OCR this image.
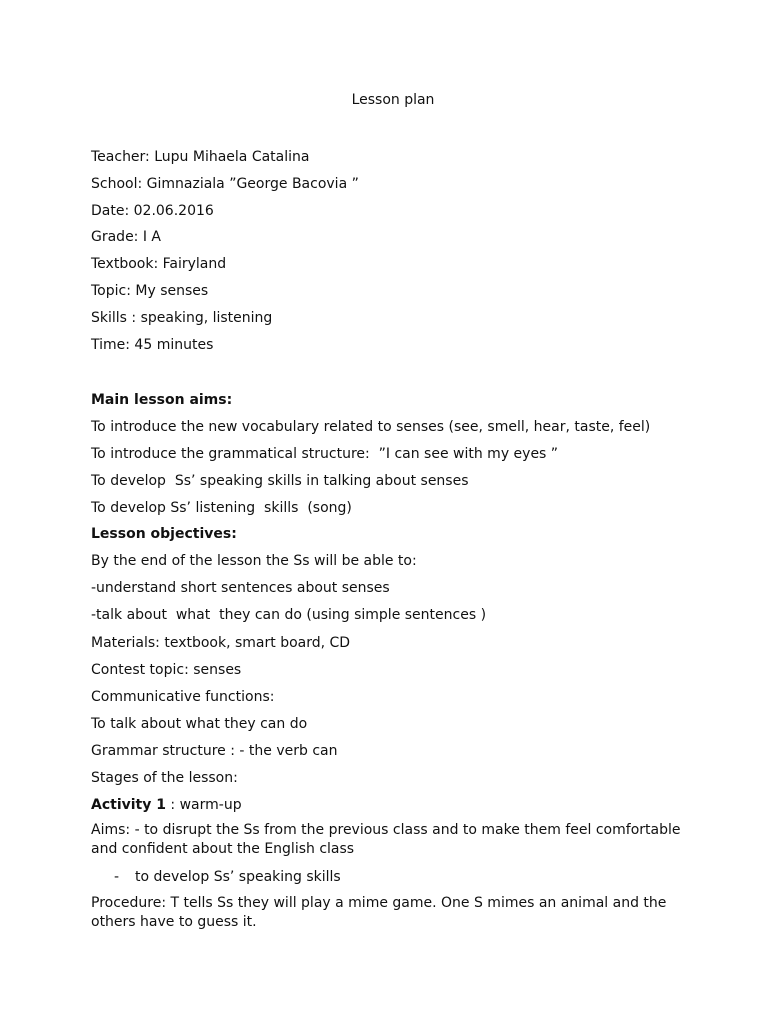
Lesson plan

Teacher: Lupu Mihaela Catalina

School: Gimnaziala ”George Bacovia ”

Date: 02.06.2016

Grade: I A

Textbook: Fairyland

Topic: My senses

Skills : speaking, listening

Time: 45 minutes

Main lesson aims:

To introduce the new vocabulary related to senses (see, smell, hear, taste, feel)

To introduce the grammatical structure:  ”I can see with my eyes ”

To develop  Ss’ speaking skills in talking about senses

To develop Ss’ listening  skills  (song)

Lesson objectives:

By the end of the lesson the Ss will be able to:

-understand short sentences about senses

-talk about  what  they can do (using simple sentences )

Materials: textbook, smart board, CD

Contest topic: senses

Communicative functions:

To talk about what they can do

Grammar structure : - the verb can

Stages of the lesson:

Activity 1 : warm-up

Aims: - to disrupt the Ss from the previous class and to make them feel comfortable and confident about the English class

- to develop Ss’ speaking skills

Procedure: T tells Ss they will play a mime game. One S mimes an animal and the others have to guess it.
